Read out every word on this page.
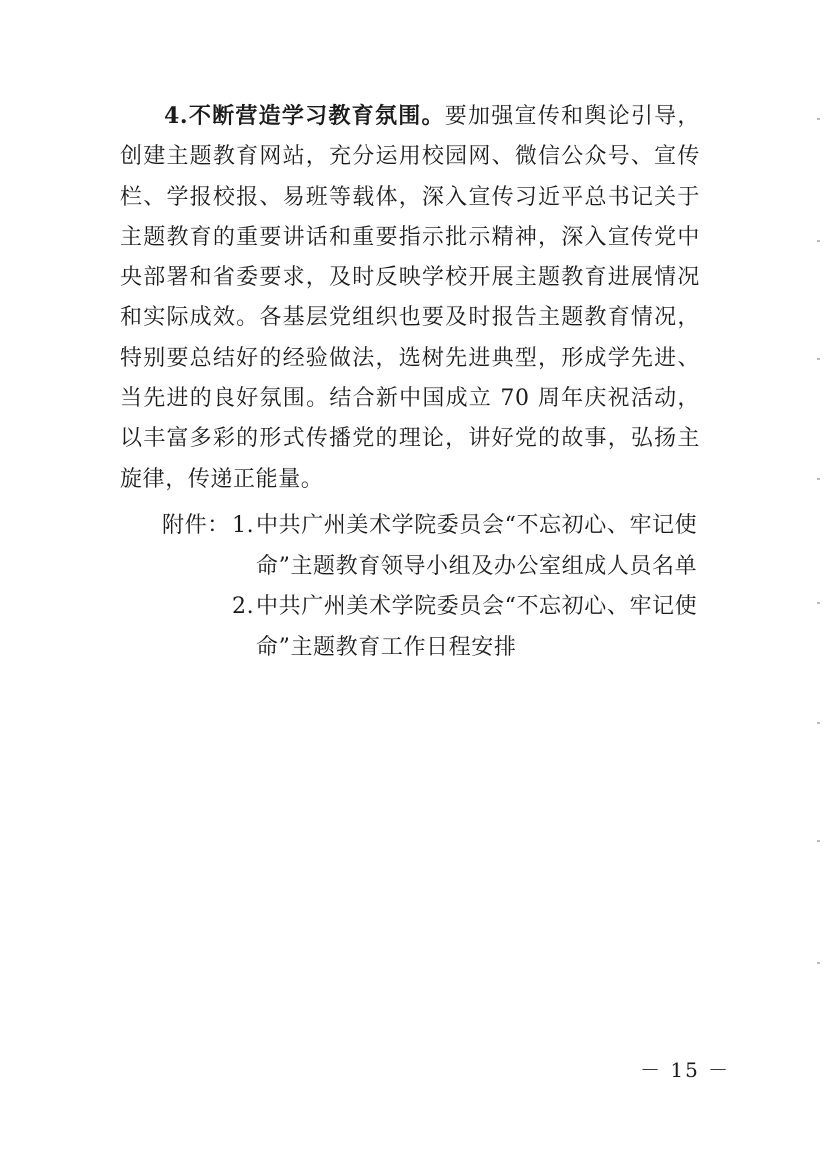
4.不断营造学习教育氛围。要加强宣传和舆论引导，创建主题教育网站，充分运用校园网、微信公众号、宣传栏、学报校报、易班等载体，深入宣传习近平总书记关于主题教育的重要讲话和重要指示批示精神，深入宣传党中央部署和省委要求，及时反映学校开展主题教育进展情况和实际成效。各基层党组织也要及时报告主题教育情况，特别要总结好的经验做法，选树先进典型，形成学先进、当先进的良好氛围。结合新中国成立 70 周年庆祝活动，以丰富多彩的形式传播党的理论，讲好党的故事，弘扬主旋律，传递正能量。

附件： 1. 中共广州美术学院委员会“不忘初心、牢记使命”主题教育领导小组及办公室组成人员名单
2. 中共广州美术学院委员会“不忘初心、牢记使命”主题教育工作日程安排
－ 15 －
